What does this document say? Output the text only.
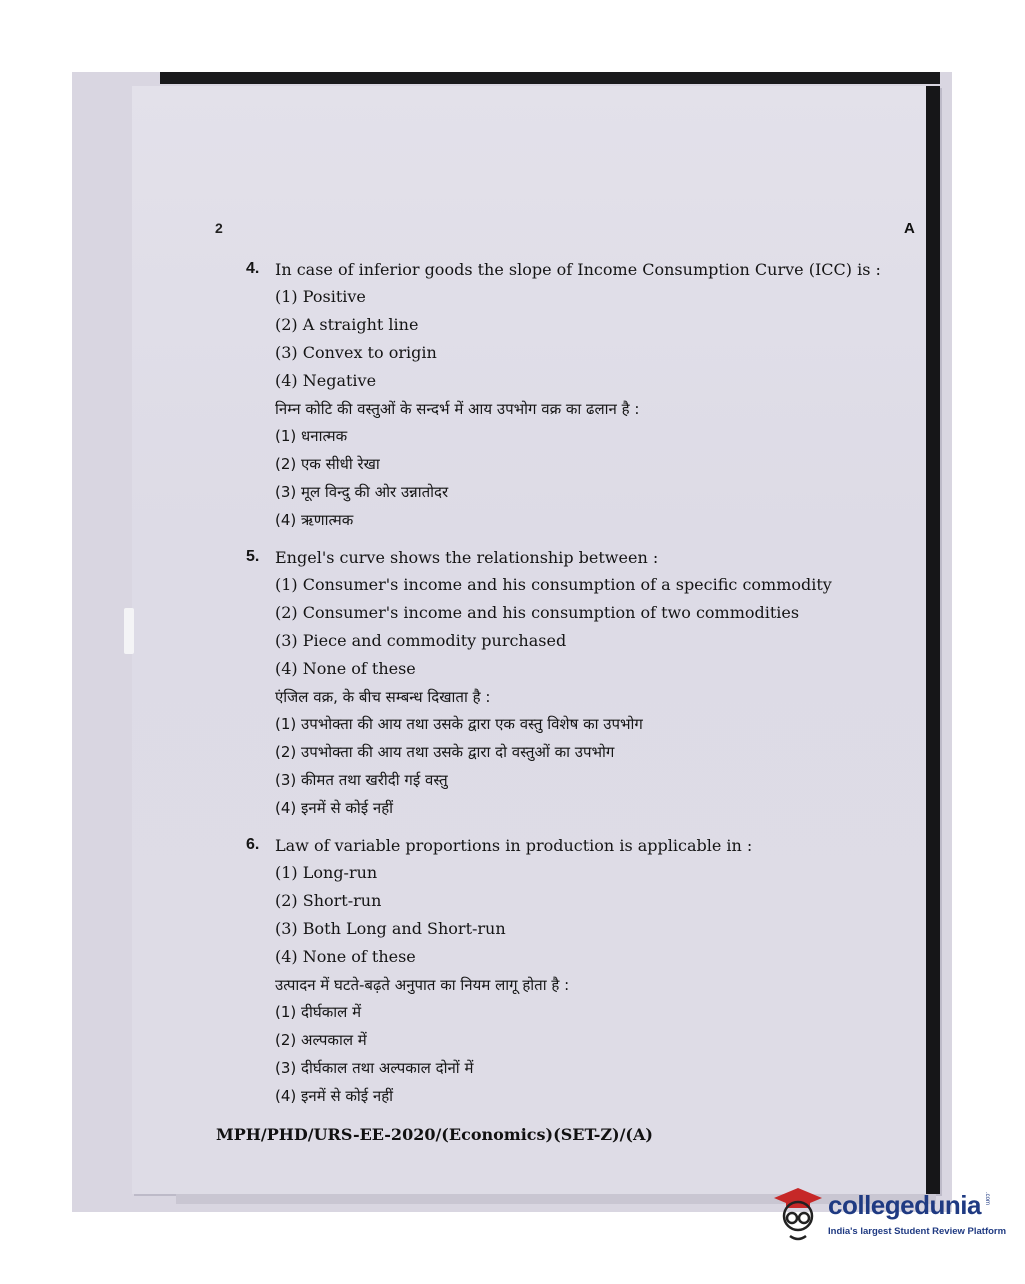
2	A
4. In case of inferior goods the slope of Income Consumption Curve (ICC) is :
(1) Positive
(2) A straight line
(3) Convex to origin
(4) Negative
निम्न कोटि की वस्तुओं के सन्दर्भ में आय उपभोग वक्र का ढलान है :
(1) धनात्मक
(2) एक सीधी रेखा
(3) मूल विन्दु की ओर उन्नातोदर
(4) ऋणात्मक
5. Engel's curve shows the relationship between :
(1) Consumer's income and his consumption of a specific commodity
(2) Consumer's income and his consumption of two commodities
(3) Piece and commodity purchased
(4) None of these
एंजिल वक्र, के बीच सम्बन्ध दिखाता है :
(1) उपभोक्ता की आय तथा उसके द्वारा एक वस्तु विशेष का उपभोग
(2) उपभोक्ता की आय तथा उसके द्वारा दो वस्तुओं का उपभोग
(3) कीमत तथा खरीदी गई वस्तु
(4) इनमें से कोई नहीं
6. Law of variable proportions in production is applicable in :
(1) Long-run
(2) Short-run
(3) Both Long and Short-run
(4) None of these
उत्पादन में घटते-बढ़ते अनुपात का नियम लागू होता है :
(1) दीर्घकाल में
(2) अल्पकाल में
(3) दीर्घकाल तथा अल्पकाल दोनों में
(4) इनमें से कोई नहीं
MPH/PHD/URS-EE-2020/(Economics)(SET-Z)/(A)
collegedunia .com
India's largest Student Review Platform
